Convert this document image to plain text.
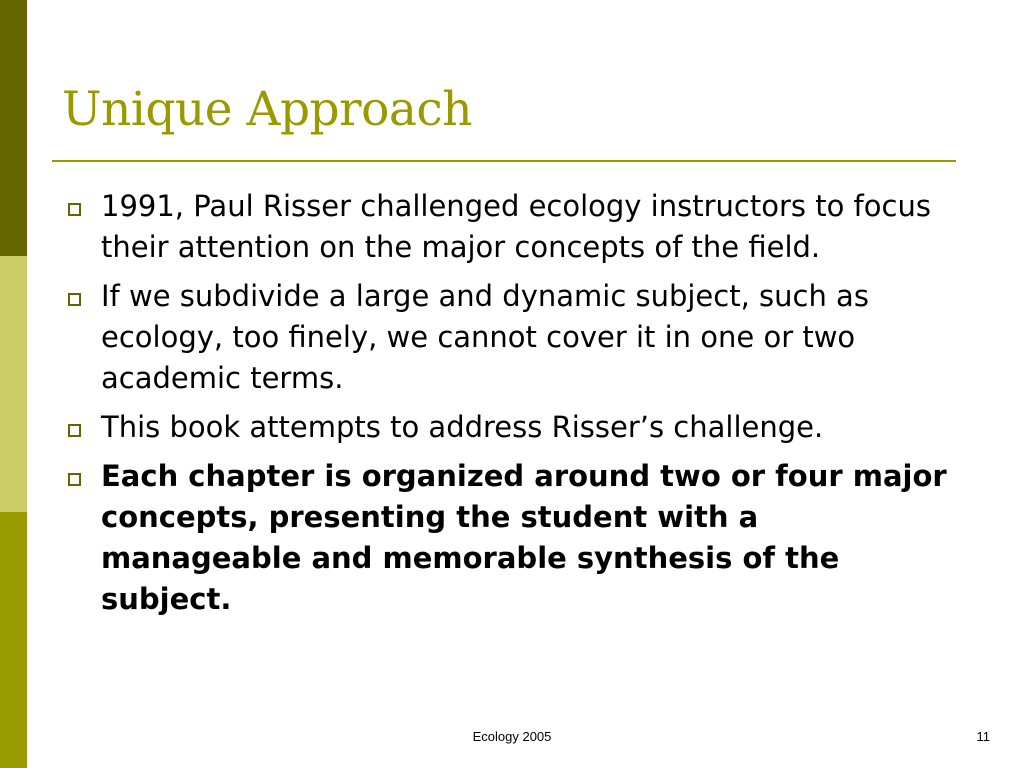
Unique Approach
1991, Paul Risser challenged ecology instructors to focus their attention on the major concepts of the field.
If we subdivide a large and dynamic subject, such as ecology, too finely, we cannot cover it in one or two academic terms.
This book attempts to address Risser’s challenge.
Each chapter is organized around two or four major concepts, presenting the student with a manageable and memorable synthesis of the subject.
Ecology 2005	11
